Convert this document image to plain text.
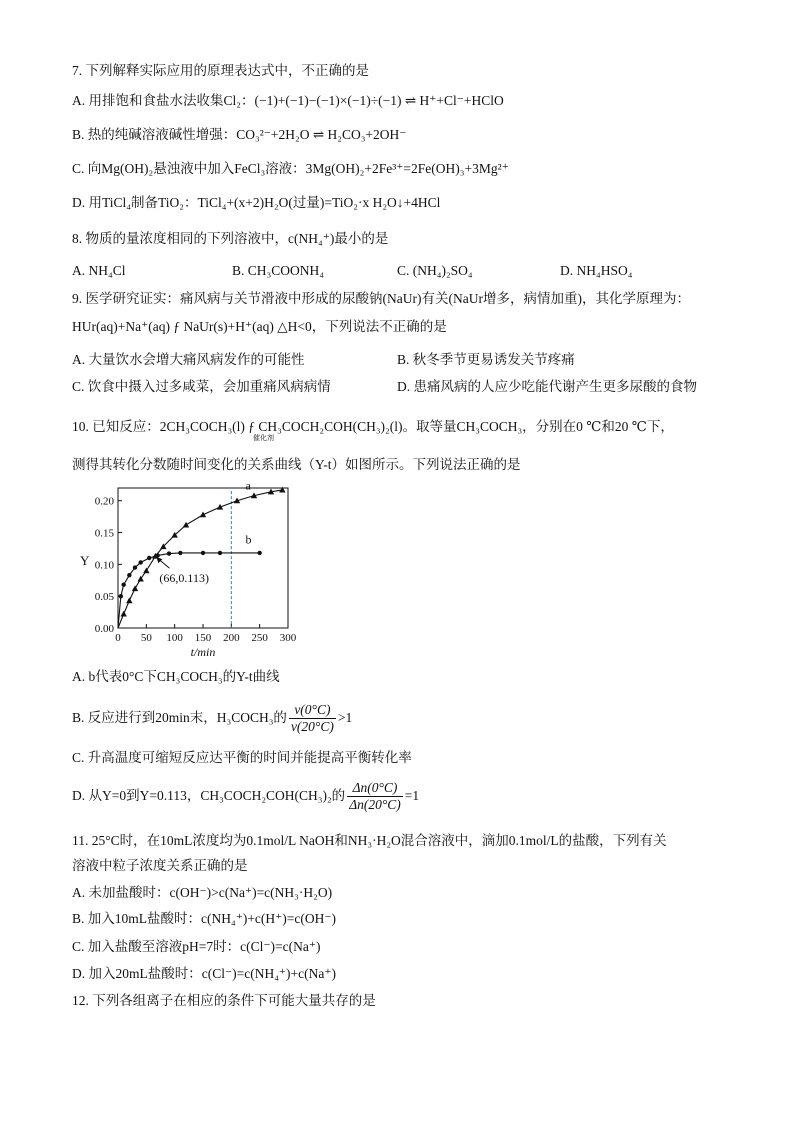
7. 下列解释实际应用的原理表达式中，不正确的是
A. 用排饱和食盐水法收集Cl₂：(−1)+(−1)−(−1)×(−1)÷(−1) ⇌ H⁺+Cl⁻+HClO
B. 热的纯碱溶液碱性增强：CO₃²⁻+2H₂O ⇌ H₂CO₃+2OH⁻
C. 向Mg(OH)₂悬浊液中加入FeCl₃溶液：3Mg(OH)₂+2Fe³⁺=2Fe(OH)₃+3Mg²⁺
D. 用TiCl₄制备TiO₂：TiCl₄+(x+2)H₂O(过量)=TiO₂·x H₂O↓+4HCl
8. 物质的量浓度相同的下列溶液中，c(NH₄⁺)最小的是
A. NH₄Cl	B. CH₃COONH₄	C. (NH₄)₂SO₄	D. NH₄HSO₄
9. 医学研究证实：痛风病与关节滑液中形成的尿酸钠(NaUr)有关(NaUr增多，病情加重)，其化学原理为：
HUr(aq)+Na⁺(aq) ƒ NaUr(s)+H⁺(aq) △H<0，下列说法不正确的是
A. 大量饮水会增大痛风病发作的可能性	B. 秋冬季节更易诱发关节疼痛
C. 饮食中摄入过多咸菜，会加重痛风病病情	D. 患痛风病的人应少吃能代谢产生更多尿酸的食物
10. 已知反应：2CH₃COCH₃(l) ƒ CH₃COCH₂COH(CH₃)₂(l)。取等量CH₃COCH₃，分别在0 ℃和20 ℃下，
催化剂
测得其转化分数随时间变化的关系曲线（Y-t）如图所示。下列说法正确的是
0 50 100 150 200 250 300
0.00
0.05
0.10
0.15
0.20
Y
t/min
a
b
(66,0.113)
A. b代表0°C下CH₃COCH₃的Y-t曲线
B. 反应进行到20min末，H₃COCH₃的 $\frac{v(0^\circ C)}{v(20^\circ C)} >1$
C. 升高温度可缩短反应达平衡的时间并能提高平衡转化率
D. 从Y=0到Y=0.113，CH₃COCH₂COH(CH₃)₂的 $\frac{\Delta n(0^\circ C)}{\Delta n(20^\circ C)} =1$
11. 25°C时，在10mL浓度均为0.1mol/L NaOH和NH₃·H₂O混合溶液中，滴加0.1mol/L的盐酸，下列有关
溶液中粒子浓度关系正确的是
A. 未加盐酸时：c(OH⁻)>c(Na⁺)=c(NH₃·H₂O)
B. 加入10mL盐酸时：c(NH₄⁺)+c(H⁺)=c(OH⁻)
C. 加入盐酸至溶液pH=7时：c(Cl⁻)=c(Na⁺)
D. 加入20mL盐酸时：c(Cl⁻)=c(NH₄⁺)+c(Na⁺)
12. 下列各组离子在相应的条件下可能大量共存的是
